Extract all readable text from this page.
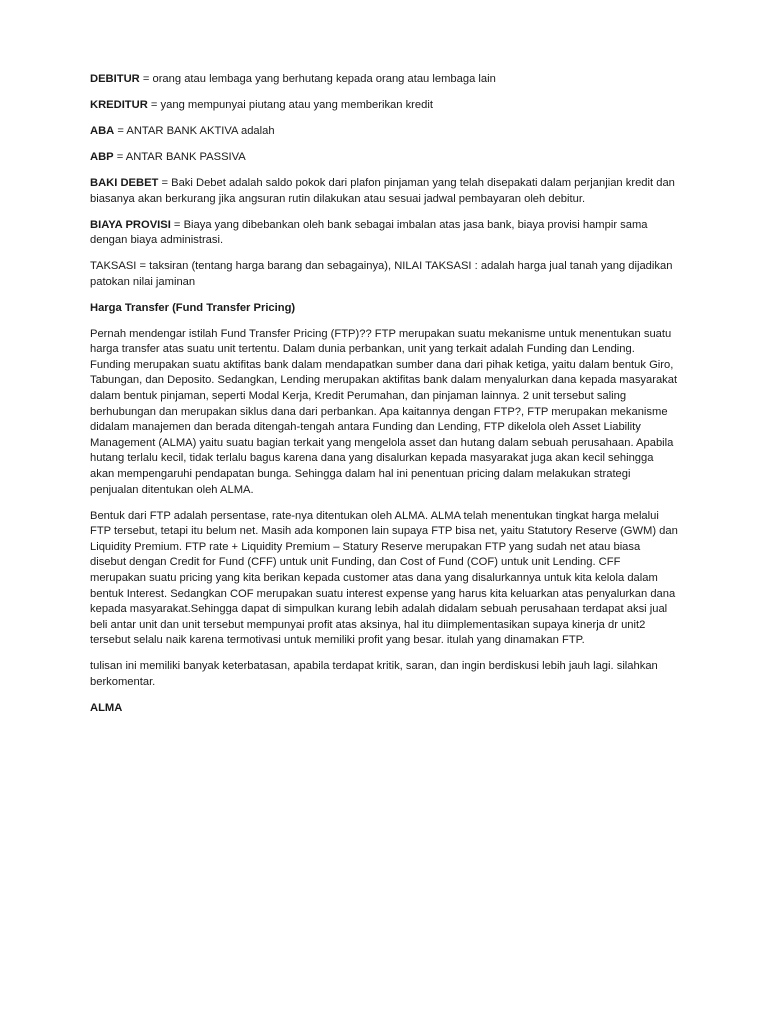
DEBITUR = orang atau lembaga yang berhutang kepada orang atau lembaga lain

KREDITUR = yang mempunyai piutang atau yang memberikan kredit

ABA = ANTAR BANK AKTIVA adalah

ABP = ANTAR BANK PASSIVA

BAKI DEBET = Baki Debet adalah saldo pokok dari plafon pinjaman yang telah disepakati dalam perjanjian kredit dan biasanya akan berkurang jika angsuran rutin dilakukan atau sesuai jadwal pembayaran oleh debitur.

BIAYA PROVISI = Biaya yang dibebankan oleh bank sebagai imbalan atas jasa bank, biaya provisi hampir sama dengan biaya administrasi.

TAKSASI = taksiran (tentang harga barang dan sebagainya), NILAI TAKSASI : adalah harga jual tanah yang dijadikan patokan nilai jaminan

Harga Transfer (Fund Transfer Pricing)

Pernah mendengar istilah Fund Transfer Pricing (FTP)?? FTP merupakan suatu mekanisme untuk menentukan suatu harga transfer atas suatu unit tertentu. Dalam dunia perbankan, unit yang terkait adalah Funding dan Lending. Funding merupakan suatu aktifitas bank dalam mendapatkan sumber dana dari pihak ketiga, yaitu dalam bentuk Giro, Tabungan, dan Deposito. Sedangkan, Lending merupakan aktifitas bank dalam menyalurkan dana kepada masyarakat dalam bentuk pinjaman, seperti Modal Kerja, Kredit Perumahan, dan pinjaman lainnya. 2 unit tersebut saling berhubungan dan merupakan siklus dana dari perbankan. Apa kaitannya dengan FTP?, FTP merupakan mekanisme didalam manajemen dan berada ditengah-tengah antara Funding dan Lending, FTP dikelola oleh Asset Liability Management (ALMA) yaitu suatu bagian terkait yang mengelola asset dan hutang dalam sebuah perusahaan. Apabila hutang terlalu kecil, tidak terlalu bagus karena dana yang disalurkan kepada masyarakat juga akan kecil sehingga akan mempengaruhi pendapatan bunga. Sehingga dalam hal ini penentuan pricing dalam melakukan strategi penjualan ditentukan oleh ALMA.

Bentuk dari FTP adalah persentase, rate-nya ditentukan oleh ALMA. ALMA telah menentukan tingkat harga melalui FTP tersebut, tetapi itu belum net. Masih ada komponen lain supaya FTP bisa net, yaitu Statutory Reserve (GWM) dan Liquidity Premium. FTP rate + Liquidity Premium – Statury Reserve merupakan FTP yang sudah net atau biasa disebut dengan Credit for Fund (CFF) untuk unit Funding, dan Cost of Fund (COF) untuk unit Lending. CFF merupakan suatu pricing yang kita berikan kepada customer atas dana yang disalurkannya untuk kita kelola dalam bentuk Interest. Sedangkan COF merupakan suatu interest expense yang harus kita keluarkan atas penyalurkan dana kepada masyarakat.Sehingga dapat di simpulkan kurang lebih adalah didalam sebuah perusahaan terdapat aksi jual beli antar unit dan unit tersebut mempunyai profit atas aksinya, hal itu diimplementasikan supaya kinerja dr unit2 tersebut selalu naik karena termotivasi untuk memiliki profit yang besar. itulah yang dinamakan FTP.

tulisan ini memiliki banyak keterbatasan, apabila terdapat kritik, saran, dan ingin berdiskusi lebih jauh lagi. silahkan berkomentar.

ALMA
